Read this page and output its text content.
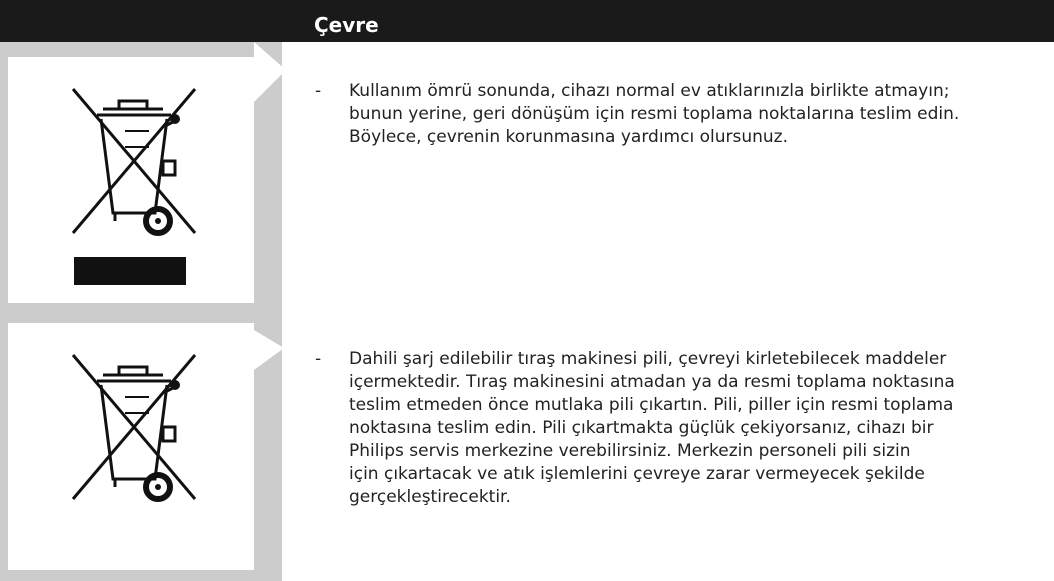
Çevre
- Kullanım ömrü sonunda, cihazı normal ev atıklarınızla birlikte atmayın;
bunun yerine, geri dönüşüm için resmi toplama noktalarına teslim edin.
Böylece, çevrenin korunmasına yardımcı olursunuz.
- Dahili şarj edilebilir tıraş makinesi pili, çevreyi kirletebilecek maddeler
içermektedir. Tıraş makinesini atmadan ya da resmi toplama noktasına
teslim etmeden önce mutlaka pili çıkartın. Pili, piller için resmi toplama
noktasına teslim edin. Pili çıkartmakta güçlük çekiyorsanız, cihazı bir
Philips servis merkezine verebilirsiniz. Merkezin personeli pili sizin
için çıkartacak ve atık işlemlerini çevreye zarar vermeyecek şekilde
gerçekleştirecektir.
